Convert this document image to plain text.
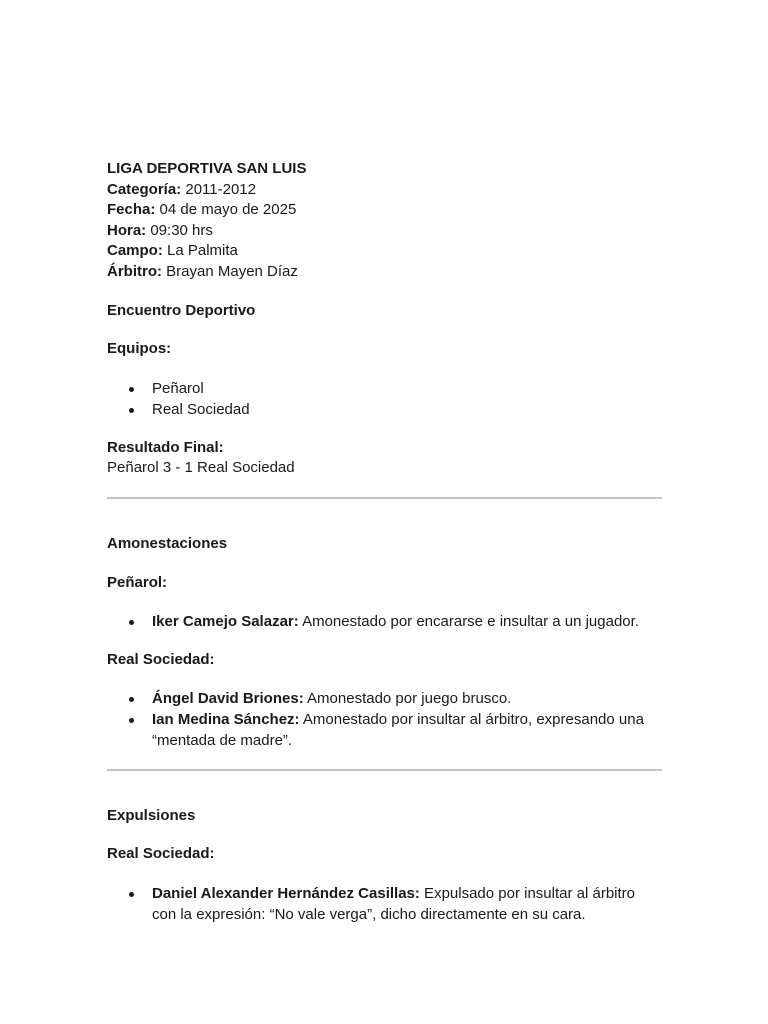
LIGA DEPORTIVA SAN LUIS

Categoría: 2011-2012

Fecha: 04 de mayo de 2025

Hora: 09:30 hrs

Campo: La Palmita

Árbitro: Brayan Mayen Díaz

Encuentro Deportivo

Equipos:

Peñarol
Real Sociedad

Resultado Final:

Peñarol 3 - 1 Real Sociedad

Amonestaciones

Peñarol:

Iker Camejo Salazar: Amonestado por encararse e insultar a un jugador.

Real Sociedad:

Ángel David Briones: Amonestado por juego brusco.
Ian Medina Sánchez: Amonestado por insultar al árbitro, expresando una “mentada de madre”.

Expulsiones

Real Sociedad:

Daniel Alexander Hernández Casillas: Expulsado por insultar al árbitro con la expresión: “No vale verga”, dicho directamente en su cara.
